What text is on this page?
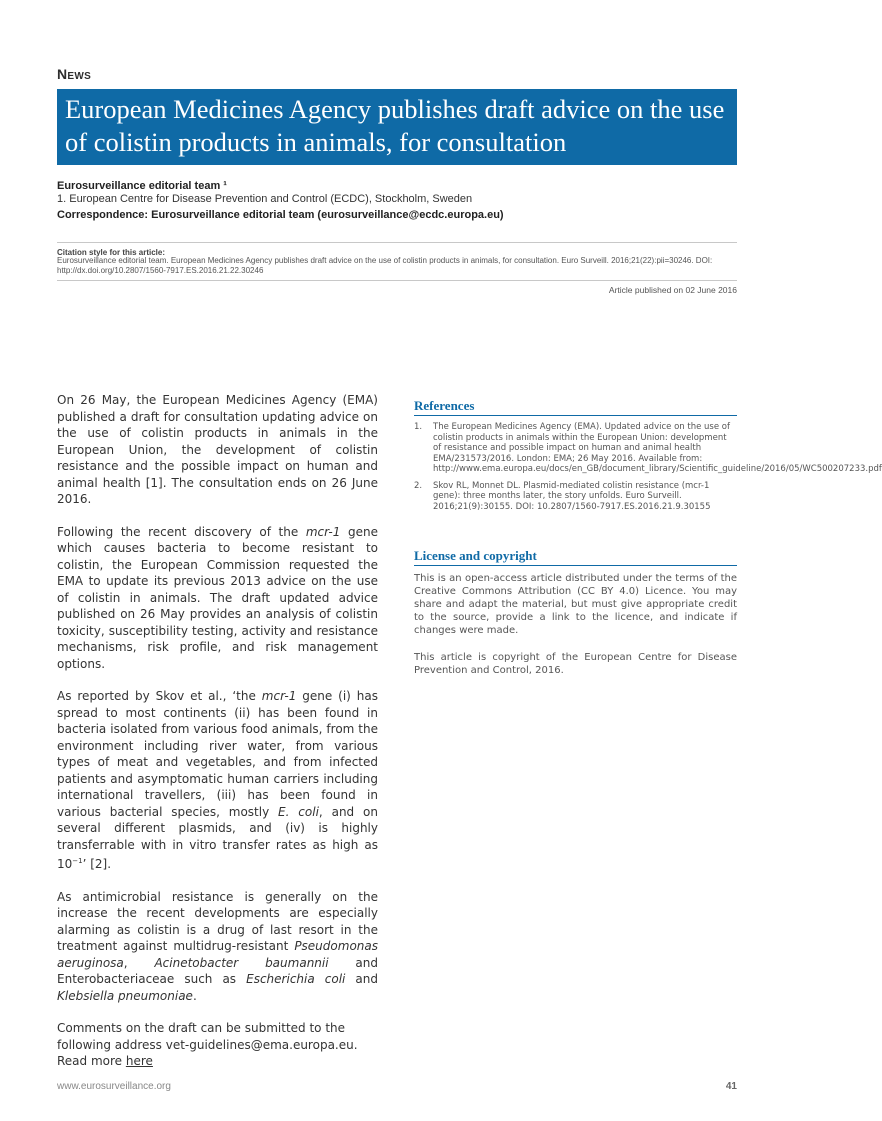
News
European Medicines Agency publishes draft advice on the use of colistin products in animals, for consultation
Eurosurveillance editorial team ¹
1. European Centre for Disease Prevention and Control (ECDC), Stockholm, Sweden
Correspondence: Eurosurveillance editorial team (eurosurveillance@ecdc.europa.eu)
Citation style for this article:
Eurosurveillance editorial team. European Medicines Agency publishes draft advice on the use of colistin products in animals, for consultation. Euro Surveill. 2016;21(22):pii=30246. DOI: http://dx.doi.org/10.2807/1560-7917.ES.2016.21.22.30246
Article published on 02 June 2016

On 26 May, the European Medicines Agency (EMA) published a draft for consultation updating advice on the use of colistin products in animals in the European Union, the development of colistin resistance and the possible impact on human and animal health [1]. The consultation ends on 26 June 2016.

Following the recent discovery of the mcr-1 gene which causes bacteria to become resistant to colistin, the European Commission requested the EMA to update its previous 2013 advice on the use of colistin in animals. The draft updated advice published on 26 May provides an analysis of colistin toxicity, susceptibility testing, activity and resistance mechanisms, risk profile, and risk management options.

As reported by Skov et al., ‘the mcr-1 gene (i) has spread to most continents (ii) has been found in bacteria isolated from various food animals, from the environment including river water, from various types of meat and vegetables, and from infected patients and asymptomatic human carriers including international travellers, (iii) has been found in various bacterial species, mostly E. coli, and on several different plasmids, and (iv) is highly transferrable with in vitro transfer rates as high as $10^{-1}$’ [2].

As antimicrobial resistance is generally on the increase the recent developments are especially alarming as colistin is a drug of last resort in the treatment against multidrug-resistant Pseudomonas aeruginosa, Acinetobacter baumannii and Enterobacteriaceae such as Escherichia coli and Klebsiella pneumoniae.

Comments on the draft can be submitted to the following address vet-guidelines@ema.europa.eu. Read more here

References
1. The European Medicines Agency (EMA). Updated advice on the use of colistin products in animals within the European Union: development of resistance and possible impact on human and animal health EMA/231573/2016. London: EMA; 26 May 2016. Available from: http://www.ema.europa.eu/docs/en_GB/document_library/Scientific_guideline/2016/05/WC500207233.pdf
2. Skov RL, Monnet DL. Plasmid-mediated colistin resistance (mcr-1 gene): three months later, the story unfolds. Euro Surveill. 2016;21(9):30155. DOI: 10.2807/1560-7917.ES.2016.21.9.30155
License and copyright

This is an open-access article distributed under the terms of the Creative Commons Attribution (CC BY 4.0) Licence. You may share and adapt the material, but must give appropriate credit to the source, provide a link to the licence, and indicate if changes were made.

This article is copyright of the European Centre for Disease Prevention and Control, 2016.

www.eurosurveillance.org	41
